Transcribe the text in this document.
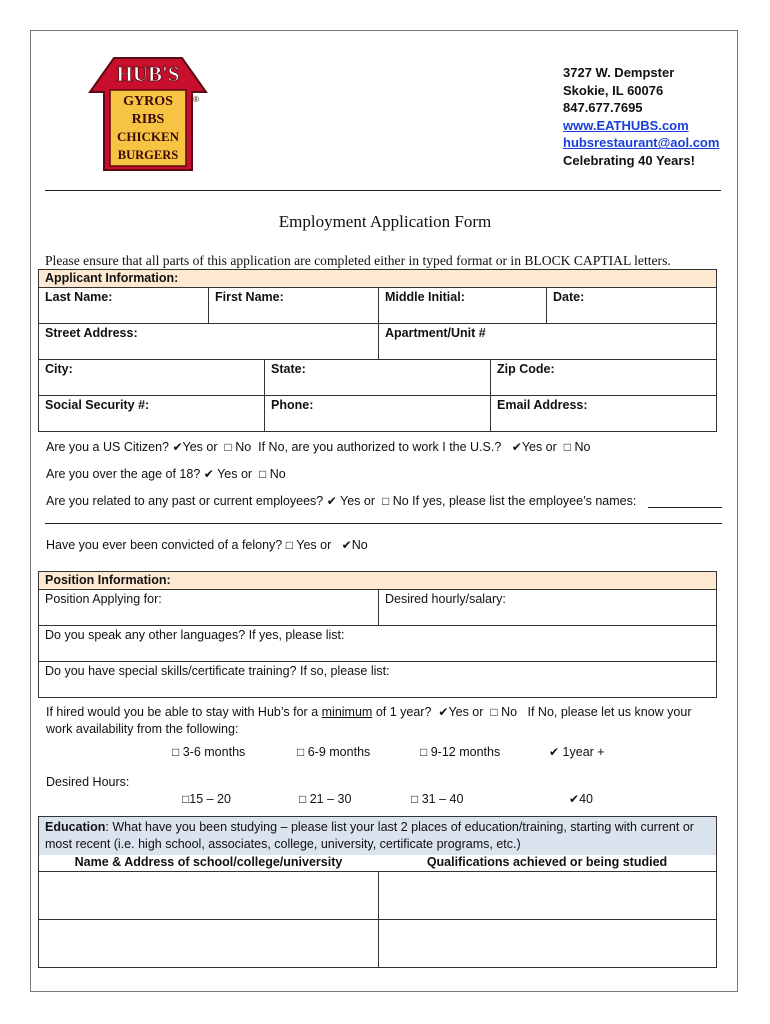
HUB'S
GYROS
RIBS
CHICKEN
BURGERS
®
3727 W. Dempster
Skokie, IL 60076
847.677.7695
www.EATHUBS.com
hubsrestaurant@aol.com
Celebrating 40 Years!
Employment Application Form
Please ensure that all parts of this application are completed either in typed format or in BLOCK CAPTIAL letters.
Applicant Information:
Last Name:	First Name:	Middle Initial:	Date:
Street Address:	Apartment/Unit #
City:	State:	Zip Code:
Social Security #:	Phone:	Email Address:
Are you a US Citizen? ✔Yes or □ No If No, are you authorized to work I the U.S.? ✔Yes or □ No
Are you over the age of 18? ✔ Yes or □ No
Are you related to any past or current employees? ✔ Yes or □ No If yes, please list the employee’s names:
Have you ever been convicted of a felony? □ Yes or ✔No
Position Information:
Position Applying for:	Desired hourly/salary:
Do you speak any other languages? If yes, please list:
Do you have special skills/certificate training? If so, please list:
If hired would you be able to stay with Hub’s for a minimum of 1 year? ✔Yes or □ No If No, please let us know your
work availability from the following:
□ 3-6 months	□ 6-9 months	□ 9-12 months	✔ 1year +
Desired Hours:
□15 – 20	□ 21 – 30	□ 31 – 40	✔40
Education: What have you been studying – please list your last 2 places of education/training, starting with current or most recent (i.e. high school, associates, college, university, certificate programs, etc.)
Name & Address of school/college/university	Qualifications achieved or being studied
